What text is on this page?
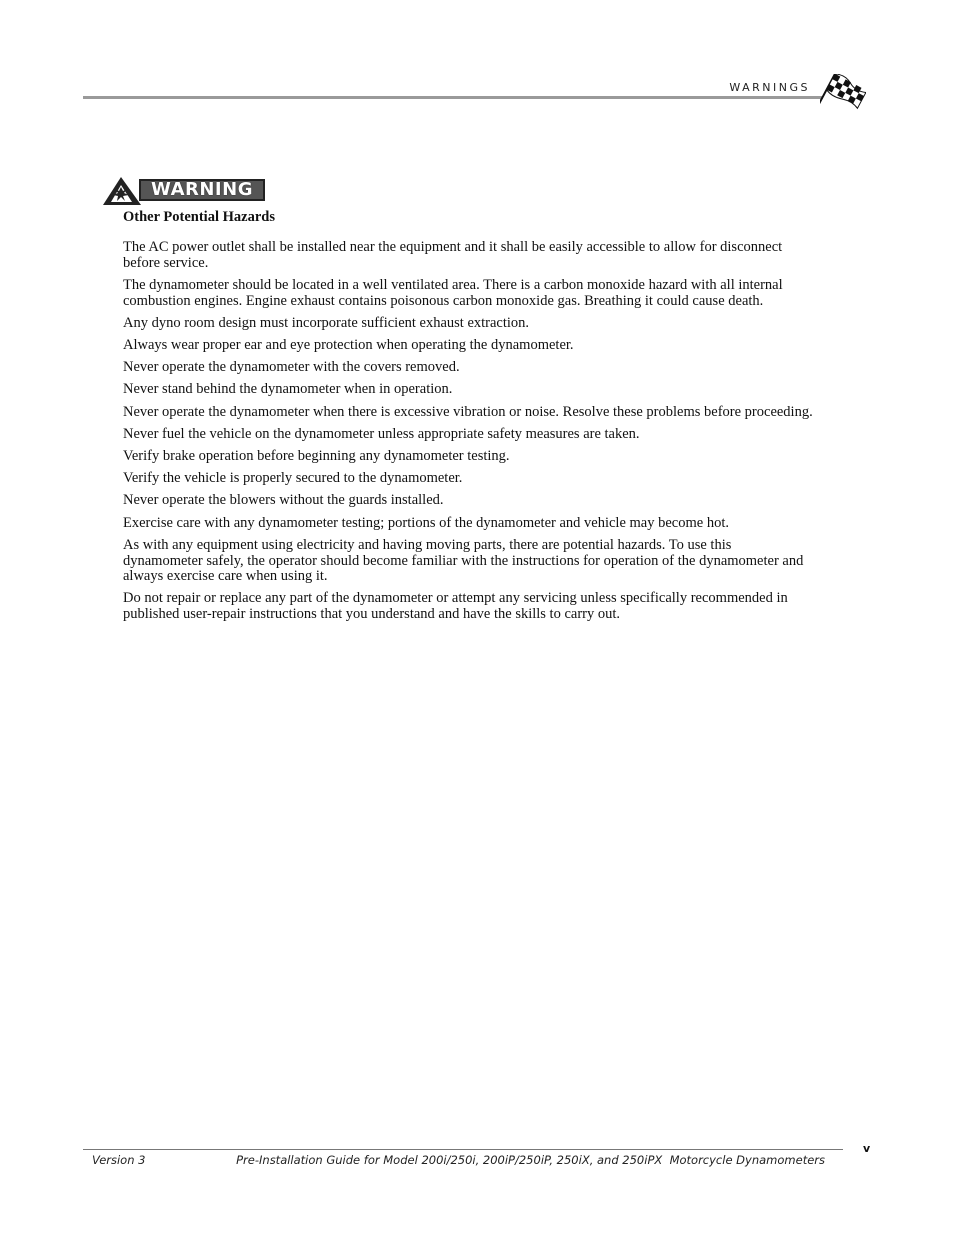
WARNINGS
WARNING
Other Potential Hazards

The AC power outlet shall be installed near the equipment and it shall be easily accessible to allow for disconnect before service.

The dynamometer should be located in a well ventilated area. There is a carbon monoxide hazard with all internal combustion engines. Engine exhaust contains poisonous carbon monoxide gas. Breathing it could cause death.

Any dyno room design must incorporate sufficient exhaust extraction.

Always wear proper ear and eye protection when operating the dynamometer.

Never operate the dynamometer with the covers removed.

Never stand behind the dynamometer when in operation.

Never operate the dynamometer when there is excessive vibration or noise. Resolve these problems before proceeding.

Never fuel the vehicle on the dynamometer unless appropriate safety measures are taken.

Verify brake operation before beginning any dynamometer testing.

Verify the vehicle is properly secured to the dynamometer.

Never operate the blowers without the guards installed.

Exercise care with any dynamometer testing; portions of the dynamometer and vehicle may become hot.

As with any equipment using electricity and having moving parts, there are potential hazards. To use this dynamometer safely, the operator should become familiar with the instructions for operation of the dynamometer and always exercise care when using it.

Do not repair or replace any part of the dynamometer or attempt any servicing unless specifically recommended in published user-repair instructions that you understand and have the skills to carry out.

v
Version 3	Pre-Installation Guide for Model 200i/250i, 200iP/250iP, 250iX, and 250iPX  Motorcycle Dynamometers
